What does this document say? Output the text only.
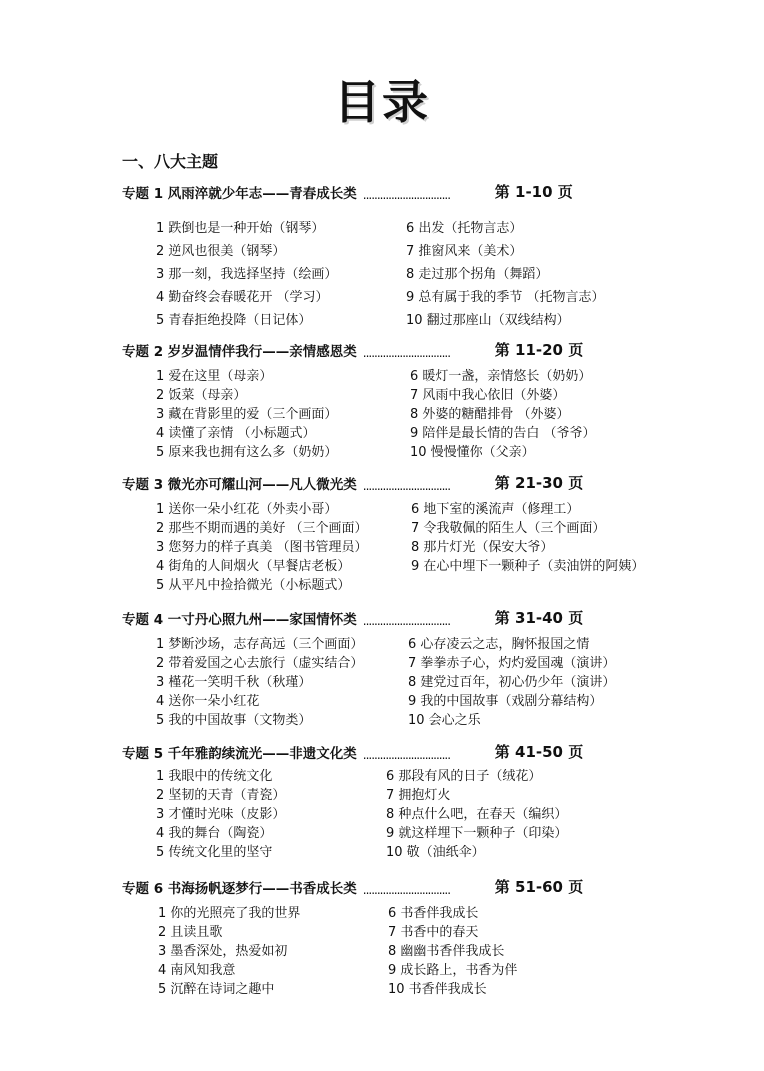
目录
一、八大主题
专题 1 风雨淬就少年志——青春成长类 ...............................	第 1-10 页
1 跌倒也是一种开始（钢琴）
2 逆风也很美（钢琴）
3 那一刻，我选择坚持（绘画）
4 勤奋终会春暖花开 （学习）
5 青春拒绝投降（日记体）
6 出发（托物言志）
7 推窗风来（美术）
8 走过那个拐角（舞蹈）
9 总有属于我的季节 （托物言志）
10 翻过那座山（双线结构）
专题 2 岁岁温情伴我行——亲情感恩类 ...............................	第 11-20 页
1 爱在这里（母亲）
2 饭菜（母亲）
3 藏在背影里的爱（三个画面）
4 读懂了亲情 （小标题式）
5 原来我也拥有这么多（奶奶）
6 暖灯一盏，亲情悠长（奶奶）
7 风雨中我心依旧（外婆）
8 外婆的糖醋排骨 （外婆）
9 陪伴是最长情的告白 （爷爷）
10 慢慢懂你（父亲）
专题 3 微光亦可耀山河——凡人微光类 ...............................	第 21-30 页
1 送你一朵小红花（外卖小哥）
2 那些不期而遇的美好 （三个画面）
3 您努力的样子真美 （图书管理员）
4 街角的人间烟火（早餐店老板）
5 从平凡中捡拾微光（小标题式）
6 地下室的溪流声（修理工）
7 令我敬佩的陌生人（三个画面）
8 那片灯光（保安大爷）
9 在心中埋下一颗种子（卖油饼的阿姨）
专题 4 一寸丹心照九州——家国情怀类 ...............................	第 31-40 页
1 梦断沙场，志存高远（三个画面）
2 带着爱国之心去旅行（虚实结合）
3 槿花一笑明千秋（秋瑾）
4 送你一朵小红花
5 我的中国故事（文物类）
6 心存凌云之志，胸怀报国之情
7 拳拳赤子心，灼灼爱国魂（演讲）
8 建党过百年，初心仍少年（演讲）
9 我的中国故事（戏剧分幕结构）
10 会心之乐
专题 5 千年雅韵续流光——非遗文化类 ...............................	第 41-50 页
1 我眼中的传统文化
2 坚韧的天青（青瓷）
3 才懂时光味（皮影）
4 我的舞台（陶瓷）
5 传统文化里的坚守
6 那段有风的日子（绒花）
7 拥抱灯火
8 种点什么吧，在春天（编织）
9 就这样埋下一颗种子（印染）
10 敬（油纸伞）
专题 6 书海扬帆逐梦行——书香成长类 ...............................	第 51-60 页
1 你的光照亮了我的世界
2 且读且歌
3 墨香深处，热爱如初
4 南风知我意
5 沉醉在诗词之趣中
6 书香伴我成长
7 书香中的春天
8 幽幽书香伴我成长
9 成长路上，书香为伴
10 书香伴我成长
